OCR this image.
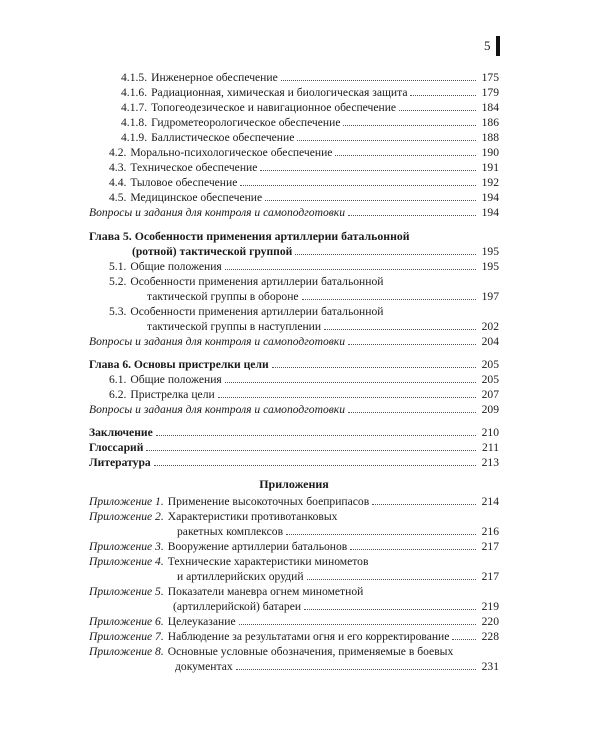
5
4.1.5. Инженерное обеспечение	175
4.1.6. Радиационная, химическая и биологическая защита	179
4.1.7. Топогеодезическое и навигационное обеспечение	184
4.1.8. Гидрометеорологическое обеспечение	186
4.1.9. Баллистическое обеспечение	188
4.2. Морально-психологическое обеспечение	190
4.3. Техническое обеспечение	191
4.4. Тыловое обеспечение	192
4.5. Медицинское обеспечение	194
Вопросы и задания для контроля и самоподготовки	194
Глава 5. Особенности применения артиллерии батальонной
(ротной) тактической группой	195
5.1. Общие положения	195
5.2. Особенности применения артиллерии батальонной
тактической группы в обороне	197
5.3. Особенности применения артиллерии батальонной
тактической группы в наступлении	202
Вопросы и задания для контроля и самоподготовки	204
Глава 6. Основы пристрелки цели	205
6.1. Общие положения	205
6.2. Пристрелка цели	207
Вопросы и задания для контроля и самоподготовки	209
Заключение	210
Глоссарий	211
Литература	213
Приложения
Приложение 1. Применение высокоточных боеприпасов	214
Приложение 2. Характеристики противотанковых
ракетных комплексов	216
Приложение 3. Вооружение артиллерии батальонов	217
Приложение 4. Технические характеристики минометов
и артиллерийских орудий	217
Приложение 5. Показатели маневра огнем минометной
(артиллерийской) батареи	219
Приложение 6. Целеуказание	220
Приложение 7. Наблюдение за результатами огня и его корректирование	228
Приложение 8. Основные условные обозначения, применяемые в боевых
документах	231
